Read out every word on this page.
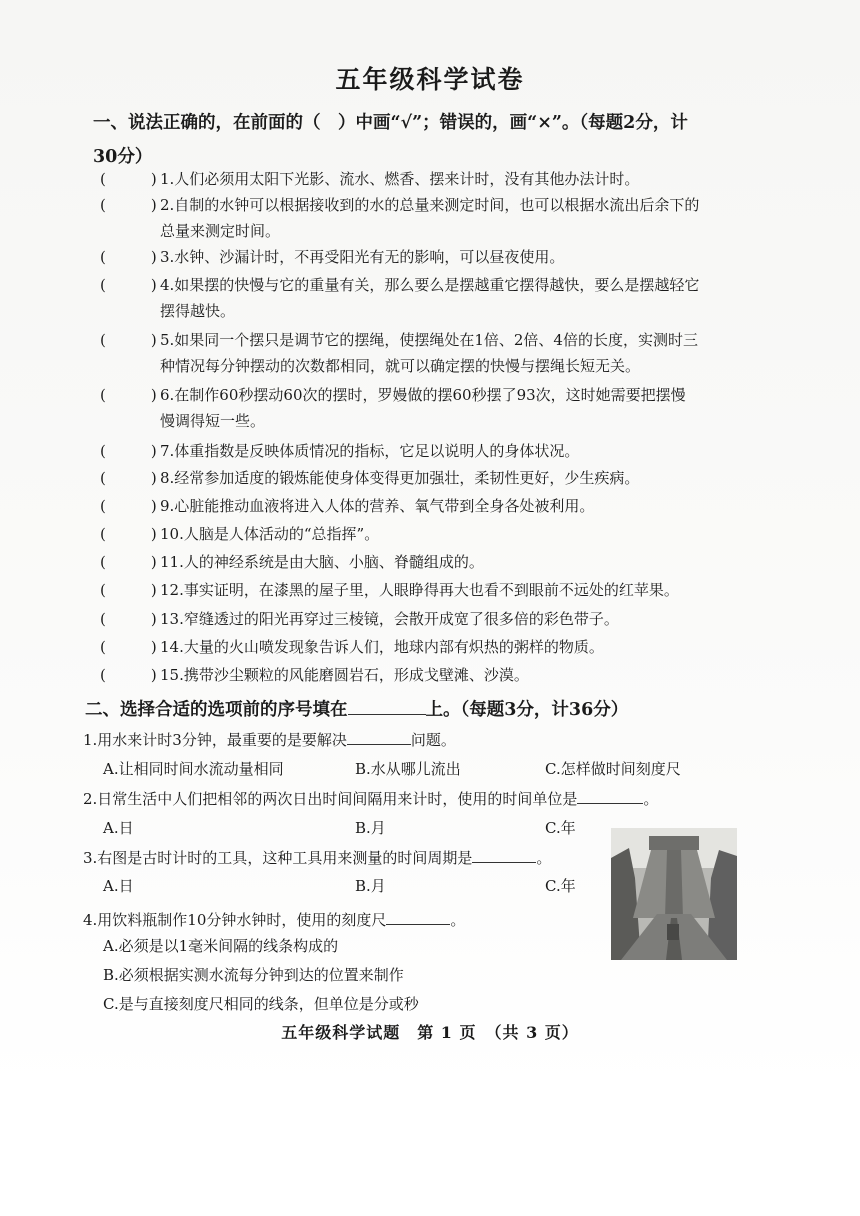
五年级科学试卷
一、说法正确的，在前面的（　）中画“√”；错误的，画“×”。（每题2分，计
30分）
(　　　) 1.人们必须用太阳下光影、流水、燃香、摆来计时，没有其他办法计时。
(　　　) 2.自制的水钟可以根据接收到的水的总量来测定时间，也可以根据水流出后余下的
总量来测定时间。
(　　　) 3.水钟、沙漏计时，不再受阳光有无的影响，可以昼夜使用。
(　　　) 4.如果摆的快慢与它的重量有关，那么要么是摆越重它摆得越快，要么是摆越轻它
摆得越快。
(　　　) 5.如果同一个摆只是调节它的摆绳，使摆绳处在1倍、2倍、4倍的长度，实测时三
种情况每分钟摆动的次数都相同，就可以确定摆的快慢与摆绳长短无关。
(　　　) 6.在制作60秒摆动60次的摆时，罗嫚做的摆60秒摆了93次，这时她需要把摆慢
慢调得短一些。
(　　　) 7.体重指数是反映体质情况的指标，它足以说明人的身体状况。
(　　　) 8.经常参加适度的锻炼能使身体变得更加强壮，柔韧性更好，少生疾病。
(　　　) 9.心脏能推动血液将进入人体的营养、氧气带到全身各处被利用。
(　　　) 10.人脑是人体活动的“总指挥”。
(　　　) 11.人的神经系统是由大脑、小脑、脊髓组成的。
(　　　) 12.事实证明，在漆黑的屋子里，人眼睁得再大也看不到眼前不远处的红苹果。
(　　　) 13.窄缝透过的阳光再穿过三棱镜，会散开成宽了很多倍的彩色带子。
(　　　) 14.大量的火山喷发现象告诉人们，地球内部有炽热的粥样的物质。
(　　　) 15.携带沙尘颗粒的风能磨圆岩石，形成戈壁滩、沙漠。
二、选择合适的选项前的序号填在	上。（每题3分，计36分）
1.用水来计时3分钟，最重要的是要解决	问题。
A.让相同时间水流动量相同	B.水从哪儿流出	C.怎样做时间刻度尺
2.日常生活中人们把相邻的两次日出时间间隔用来计时，使用的时间单位是	。
A.日	B.月	C.年
3.右图是古时计时的工具，这种工具用来测量的时间周期是	。
A.日	B.月	C.年
4.用饮料瓶制作10分钟水钟时，使用的刻度尺	。
A.必须是以1毫米间隔的线条构成的
B.必须根据实测水流每分钟到达的位置来制作
C.是与直接刻度尺相同的线条，但单位是分或秒
五年级科学试题　第 1 页　（共 3 页）
